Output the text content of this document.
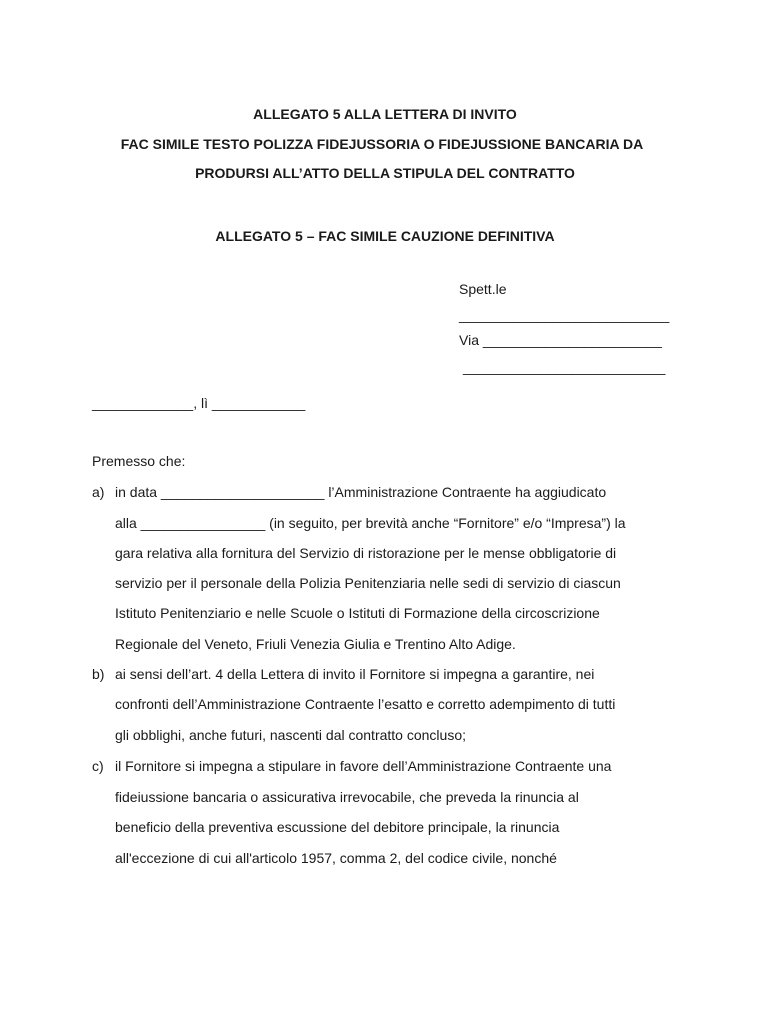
ALLEGATO 5 ALLA LETTERA DI INVITO
FAC SIMILE TESTO POLIZZA FIDEJUSSORIA O FIDEJUSSIONE BANCARIA DA
PRODURSI ALL’ATTO DELLA STIPULA DEL CONTRATTO
ALLEGATO 5 – FAC SIMILE CAUZIONE DEFINITIVA
Spett.le
___________________________
Via _______________________
__________________________
_____________, lì ____________
Premesso che:
a) in data _____________________ l’Amministrazione Contraente ha aggiudicato
alla ________________ (in seguito, per brevità anche “Fornitore” e/o “Impresa”) la
gara relativa alla fornitura del Servizio di ristorazione per le mense obbligatorie di
servizio per il personale della Polizia Penitenziaria nelle sedi di servizio di ciascun
Istituto Penitenziario e nelle Scuole o Istituti di Formazione della circoscrizione
Regionale del Veneto, Friuli Venezia Giulia e Trentino Alto Adige.
b) ai sensi dell’art. 4 della Lettera di invito il Fornitore si impegna a garantire, nei
confronti dell’Amministrazione Contraente l’esatto e corretto adempimento di tutti
gli obblighi, anche futuri, nascenti dal contratto concluso;
c) il Fornitore si impegna a stipulare in favore dell’Amministrazione Contraente una
fideiussione bancaria o assicurativa irrevocabile, che preveda la rinuncia al
beneficio della preventiva escussione del debitore principale, la rinuncia
all'eccezione di cui all'articolo 1957, comma 2, del codice civile, nonché
